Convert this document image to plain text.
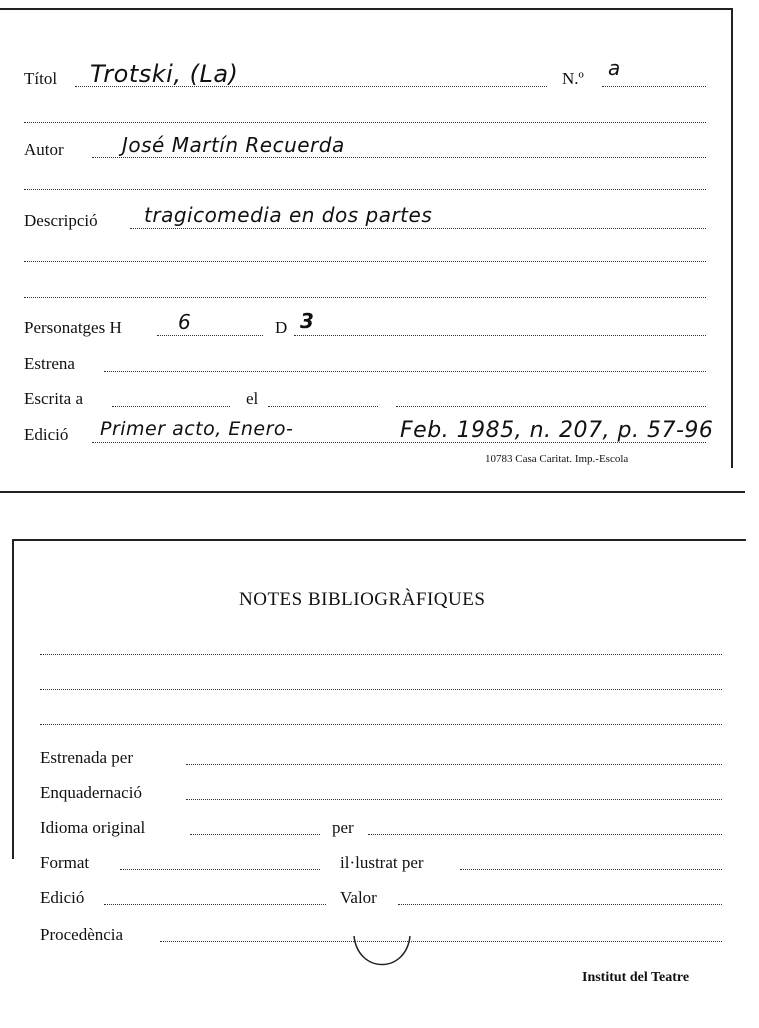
Títol Trotski, (La)	N.º a
Autor	José Martín Recuerda
Descripció tragicomedia en dos partes
Personatges H	6	D 3
Estrena
Escrita a	el
Edició Primer acto, Enero-	Feb. 1985, n. 207, p. 57-96
10783 Casa Caritat. Imp.-Escola
NOTES BIBLIOGRÀFIQUES
Estrenada per
Enquadernació
Idioma original	per
Format	il·lustrat per
Edició	Valor
Procedència
Institut del Teatre
